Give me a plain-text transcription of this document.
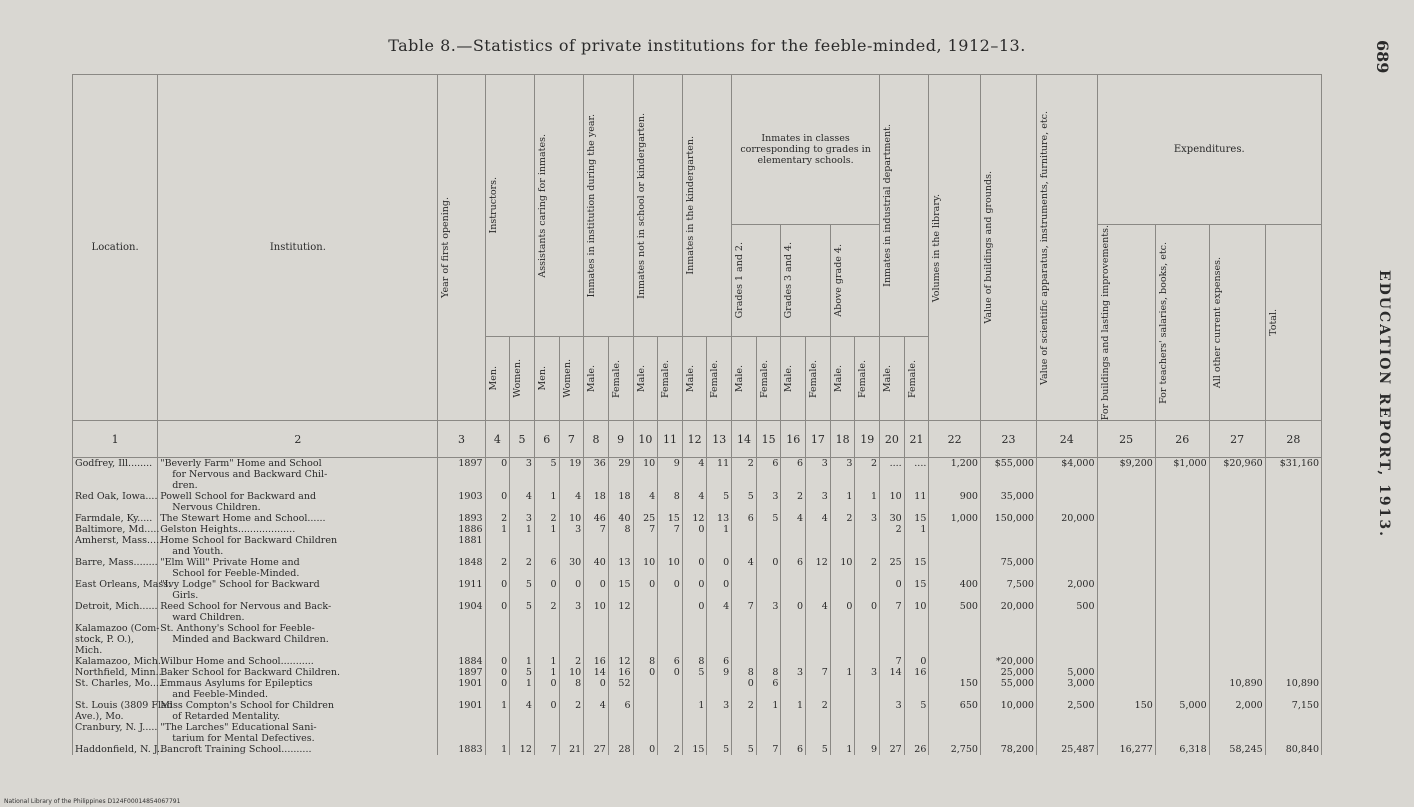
Table 8.—Statistics of private institutions for the feeble-minded, 1912–13.	689
EDUCATION REPORT, 1913.
Location.	Institution.	Year of first opening.	Instructors.		Assistants caring for inmates.		Inmates in institution during the year.		Inmates not in school or kindergarten.		Inmates in the kindergarten.		Inmates in classes corresponding to grades in elementary schools.						Inmates in industrial department.		Volumes in the library.	Value of buildings and grounds.	Value of scientific apparatus, instruments, furniture, etc.	Expenditures.			

													Grades 1 and 2.		Grades 3 and 4.		Above grade 4.							For buildings and lasting improvements.	For teachers' salaries, books, etc.	All other current expenses.	Total.

			Men.	Women.	Men.	Women.	Male.	Female.	Male.	Female.	Male.	Female.	Male.	Female.	Male.	Female.	Male.	Female.	Male.	Female.							

1	2	3	4	5	6	7	8	9	10	11	12	13	14	15	16	17	18	19	20	21	22	23	24	25	26	27	28
Godfrey, Ill........	"Beverly Farm" Home and School	1897	0	3	5	19	36	29	10	9	4	11	2	6	6	3	3	2	....	....	1,200	$55,000	$4,000	$9,200	$1,000	$20,960	$31,160
	for Nervous and Backward Chil-																										
	dren.																										
Red Oak, Iowa....	Powell School for Backward and	1903	0	4	1	4	18	18	4	8	4	5	5	3	2	3	1	1	10	11	900	35,000					
	Nervous Children.																										
Farmdale, Ky.....	The Stewart Home and School......	1893	2	3	2	10	46	40	25	15	12	13	6	5	4	4	2	3	30	15	1,000	150,000	20,000				
Baltimore, Md.....	Gelston Heights...................	1886	1	1	1	3	7	8	7	7	0	1							2	1							
Amherst, Mass.....	Home School for Backward Children	1881																									
	and Youth.																										
Barre, Mass........	"Elm Will" Private Home and	1848	2	2	6	30	40	13	10	10	0	0	4	0	6	12	10	2	25	15		75,000					
	School for Feeble-Minded.																										
East Orleans, Mass.	"Ivy Lodge" School for Backward	1911	0	5	0	0	0	15	0	0	0	0							0	15	400	7,500	2,000				
	Girls.																										
Detroit, Mich......	Reed School for Nervous and Back-	1904	0	5	2	3	10	12			0	4	7	3	0	4	0	0	7	10	500	20,000	500				
	ward Children.																										
Kalamazoo (Com-	St. Anthony's School for Feeble-																										
stock, P. O.),	Minded and Backward Children.																										
Mich.																											
Kalamazoo, Mich..	Wilbur Home and School...........	1884	0	1	1	2	16	12	8	6	8	6							7	0		*20,000					
Northfield, Minn...	Baker School for Backward Children.	1897	0	5	1	10	14	16	0	0	5	9	8	8	3	7	1	3	14	16		25,000	5,000				
St. Charles, Mo.....	Emmaus Asylums for Epileptics	1901	0	1	0	8	0	52					0	6							150	55,000	3,000			10,890	10,890
	and Feeble-Minded.																										
St. Louis (3809 Flad	Miss Compton's School for Children	1901	1	4	0	2	4	6			1	3	2	1	1	2			3	5	650	10,000	2,500	150	5,000	2,000	7,150
Ave.), Mo.	of Retarded Mentality.																										
Cranbury, N. J.....	"The Larches" Educational Sani-																										
	tarium for Mental Defectives.																										
Haddonfield, N. J..	Bancroft Training School..........	1883	1	12	7	21	27	28	0	2	15	5	5	7	6	5	1	9	27	26	2,750	78,200	25,487	16,277	6,318	58,245	80,840
National Library of the Philippines D124F00014854067791
